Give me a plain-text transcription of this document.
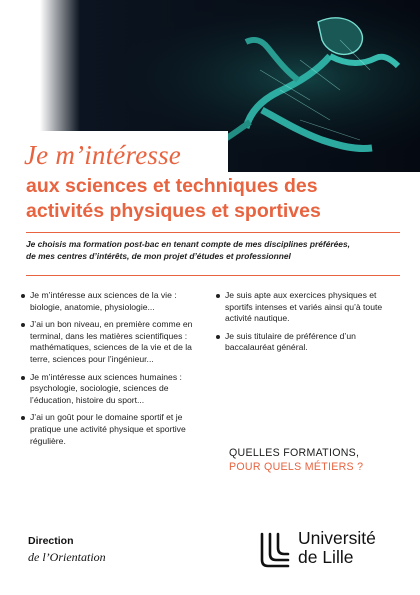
Je m’intéresse
aux sciences et techniques des
activités physiques et sportives
Je choisis ma formation post-bac en tenant compte de mes disciplines préférées,
de mes centres d’intérêts, de mon projet d’études et professionnel
Je m’intéresse aux sciences de la vie : biologie, anatomie, physiologie...
J’ai un bon niveau, en première comme en terminal, dans les matières scientifiques : mathématiques, sciences de la vie et de la terre, sciences pour l’ingénieur...
Je m’intéresse aux sciences humaines : psychologie, sociologie, sciences de l’éducation, histoire du sport...
J’ai un goût pour le domaine sportif et je pratique une activité physique et sportive régulière.
Je suis apte aux exercices physiques et sportifs intenses et variés ainsi qu’à toute activité nautique.
Je suis titulaire de préférence d’un baccalauréat général.
QUELLES FORMATIONS,
POUR QUELS MÉTIERS ?
Direction
de l’Orientation
Université
de Lille
